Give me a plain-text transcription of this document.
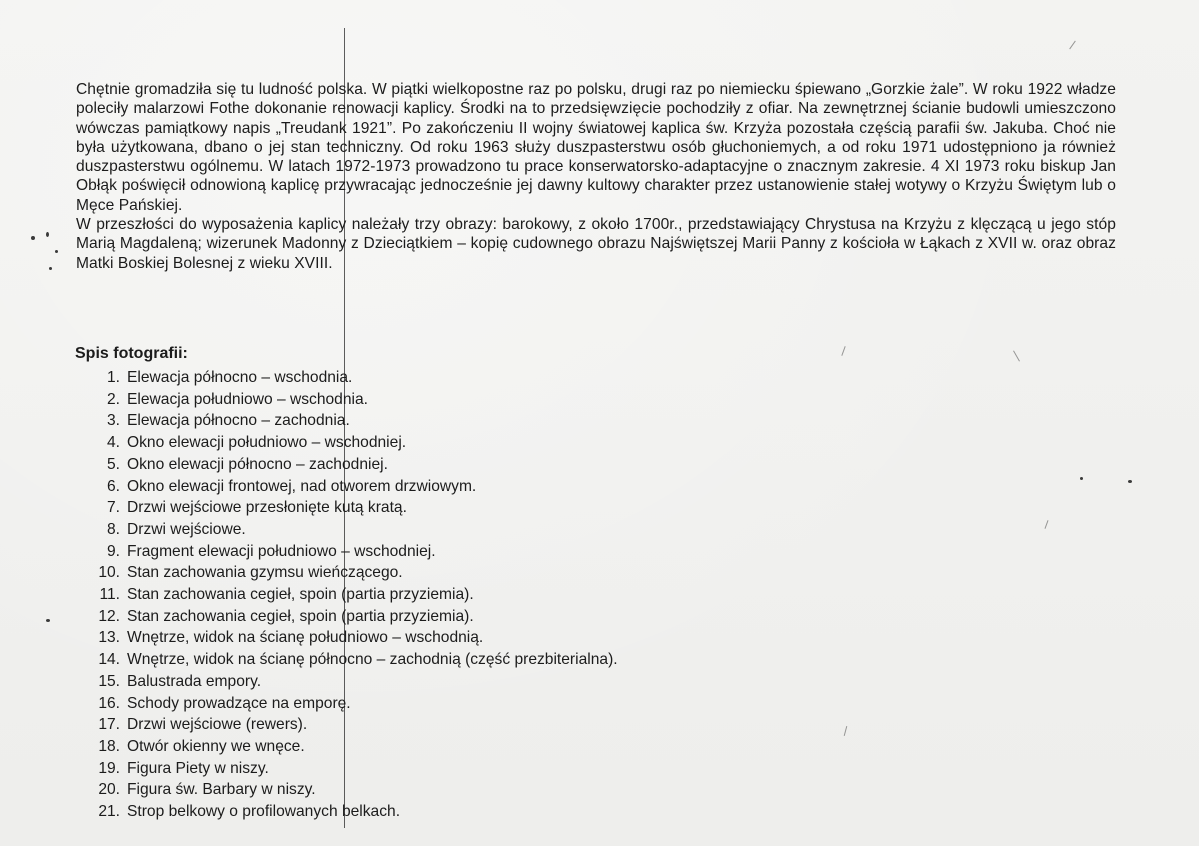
Chętnie gromadziła się tu ludność polska. W piątki wielkopostne raz po polsku, drugi raz po niemiecku śpiewano „Gorzkie żale”. W roku 1922 władze poleciły malarzowi Fothe dokonanie renowacji kaplicy. Środki na to przedsięwzięcie pochodziły z ofiar. Na zewnętrznej ścianie budowli umieszczono wówczas pamiątkowy napis „Treudank 1921”. Po zakończeniu II wojny światowej kaplica św. Krzyża pozostała częścią parafii św. Jakuba. Choć nie była użytkowana, dbano o jej stan techniczny. Od roku 1963 służy duszpasterstwu osób głuchoniemych, a od roku 1971 udostępniono ja również duszpasterstwu ogólnemu. W latach 1972-1973 prowadzono tu prace konserwatorsko-adaptacyjne o znacznym zakresie. 4 XI 1973 roku biskup Jan Obłąk poświęcił odnowioną kaplicę przywracając jednocześnie jej dawny kultowy charakter przez ustanowienie stałej wotywy o Krzyżu Świętym lub o Męce Pańskiej.

W przeszłości do wyposażenia kaplicy należały trzy obrazy: barokowy, z około 1700r., przedstawiający Chrystusa na Krzyżu z klęczącą u jego stóp Marią Magdaleną; wizerunek Madonny z Dzieciątkiem – kopię cudownego obrazu Najświętszej Marii Panny z kościoła w Łąkach z XVII w. oraz obraz Matki Boskiej Bolesnej z wieku XVIII.

Spis fotografii:
1. Elewacja północno – wschodnia.
2. Elewacja południowo – wschodnia.
3. Elewacja północno – zachodnia.
4. Okno elewacji południowo – wschodniej.
5. Okno elewacji północno – zachodniej.
6. Okno elewacji frontowej, nad otworem drzwiowym.
7. Drzwi wejściowe przesłonięte kutą kratą.
8. Drzwi wejściowe.
9. Fragment elewacji południowo – wschodniej.
10. Stan zachowania gzymsu wieńczącego.
11. Stan zachowania cegieł, spoin (partia przyziemia).
12. Stan zachowania cegieł, spoin (partia przyziemia).
13. Wnętrze, widok na ścianę południowo – wschodnią.
14. Wnętrze, widok na ścianę północno – zachodnią (część prezbiterialna).
15. Balustrada empory.
16. Schody prowadzące na emporę.
17. Drzwi wejściowe (rewers).
18. Otwór okienny we wnęce.
19. Figura Piety w niszy.
20. Figura św. Barbary w niszy.
21. Strop belkowy o profilowanych belkach.
